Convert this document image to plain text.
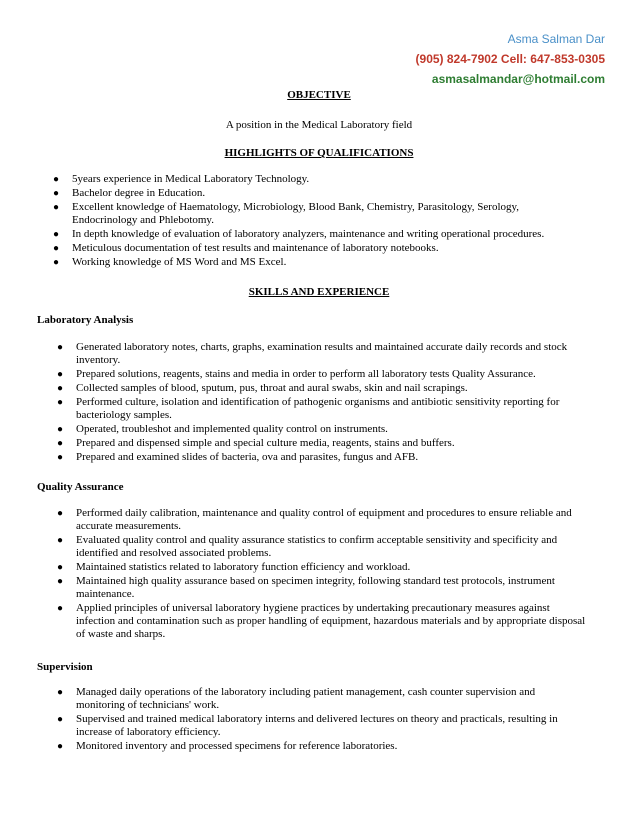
Asma Salman Dar
(905) 824-7902 Cell: 647-853-0305
asmasalmandar@hotmail.com
OBJECTIVE
A position in the Medical Laboratory field
HIGHLIGHTS OF QUALIFICATIONS
● 5years experience in Medical Laboratory Technology.
● Bachelor degree in Education.
● Excellent knowledge of Haematology, Microbiology, Blood Bank, Chemistry, Parasitology, Serology, Endocrinology and Phlebotomy.
● In depth knowledge of evaluation of laboratory analyzers, maintenance and writing operational procedures.
● Meticulous documentation of test results and maintenance of laboratory notebooks.
● Working knowledge of MS Word and MS Excel.
SKILLS AND EXPERIENCE
Laboratory Analysis
● Generated laboratory notes, charts, graphs, examination results and maintained accurate daily records and stock inventory.
● Prepared solutions, reagents, stains and media in order to perform all laboratory tests Quality Assurance.
● Collected samples of blood, sputum, pus, throat and aural swabs, skin and nail scrapings.
● Performed culture, isolation and identification of pathogenic organisms and antibiotic sensitivity reporting for bacteriology samples.
● Operated, troubleshot and implemented quality control on instruments.
● Prepared and dispensed simple and special culture media, reagents, stains and buffers.
● Prepared and examined slides of bacteria, ova and parasites, fungus and AFB.
Quality Assurance
● Performed daily calibration, maintenance and quality control of equipment and procedures to ensure reliable and accurate measurements.
● Evaluated quality control and quality assurance statistics to confirm acceptable sensitivity and specificity and identified and resolved associated problems.
● Maintained statistics related to laboratory function efficiency and workload.
● Maintained high quality assurance based on specimen integrity, following standard test protocols, instrument maintenance.
● Applied principles of universal laboratory hygiene practices by undertaking precautionary measures against infection and contamination such as proper handling of equipment, hazardous materials and by appropriate disposal of waste and sharps.
Supervision
● Managed daily operations of the laboratory including patient management, cash counter supervision and monitoring of technicians' work.
● Supervised and trained medical laboratory interns and delivered lectures on theory and practicals, resulting in increase of laboratory efficiency.
● Monitored inventory and processed specimens for reference laboratories.
